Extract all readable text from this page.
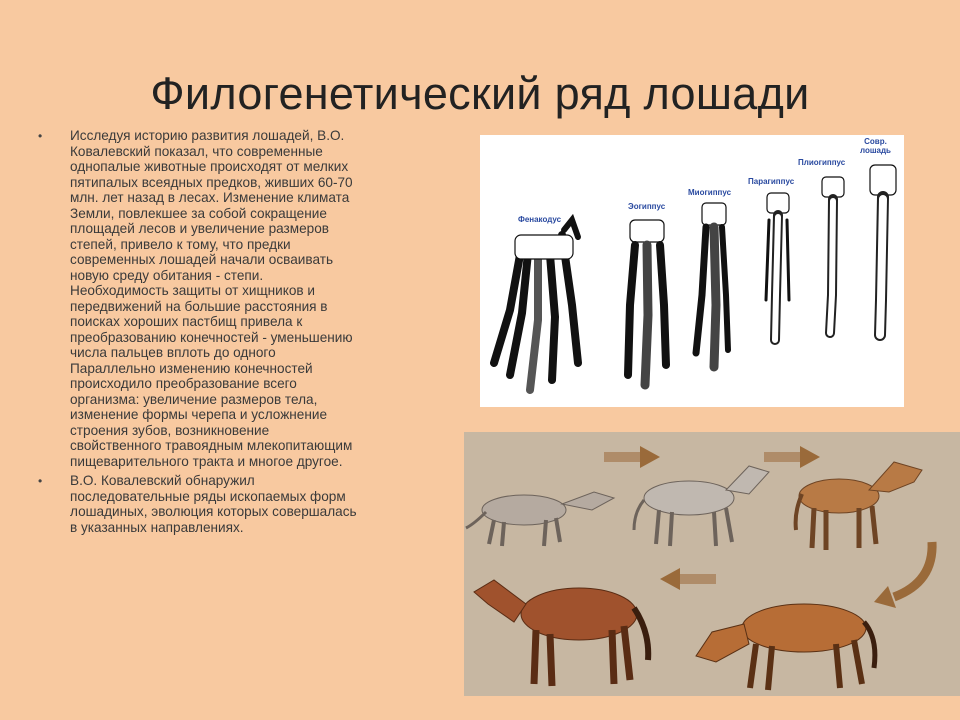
Филогенетический ряд лошади
• Исследуя историю развития лошадей, В.О.
Ковалевский показал, что современные
однопалые животные происходят от мелких
пятипалых всеядных предков, живших 60-70
млн. лет назад в лесах. Изменение климата
Земли, повлекшее за собой сокращение
площадей лесов и увеличение размеров
степей, привело к тому, что предки
современных лошадей начали осваивать
новую среду обитания - степи.
Необходимость защиты от хищников и
передвижений на большие расстояния в
поисках хороших пастбищ привела к
преобразованию конечностей - уменьшению
числа пальцев вплоть до одного
Параллельно изменению конечностей
происходило преобразование всего
организма: увеличение размеров тела,
изменение формы черепа и усложнение
строения зубов, возникновение
свойственного травоядным млекопитающим
пищеварительного тракта и многое другое.
• В.О. Ковалевский обнаружил
последовательные ряды ископаемых форм
лошадиных, эволюция которых совершалась
в указанных направлениях.
Фенакодус
Эогиппус
Миогиппус
Парагиппус
Плиогиппус
Совр.
лошадь
